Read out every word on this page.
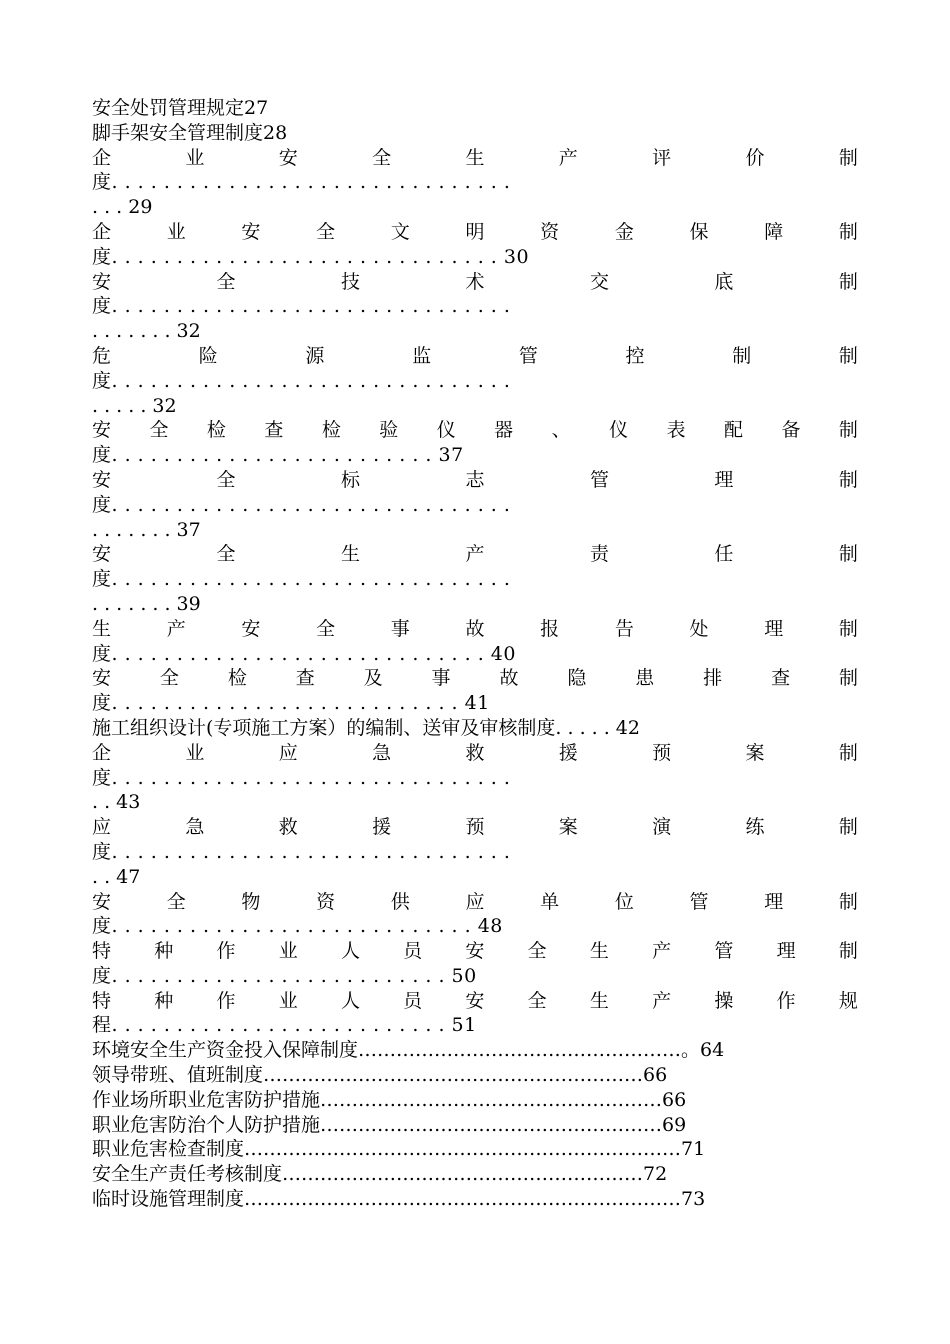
安全处罚管理规定27
脚手架安全管理制度28
企	业	安	全	生	产	评	价	制
度. . . . . . . . . . . . . . . . . . . . . . . . . . . . . . .
. . . 29
企	业	安	全	文	明	资	金	保	障	制
度. . . . . . . . . . . . . . . . . . . . . . . . . . . . . . 30
安	全	技	术	交	底	制
度. . . . . . . . . . . . . . . . . . . . . . . . . . . . . . .
. . . . . . . 32
危	险	源	监	管	控	制	制
度. . . . . . . . . . . . . . . . . . . . . . . . . . . . . . .
. . . . . 32
安 全 检 查 检 验 仪 器 、 仪 表 配 备 制
度. . . . . . . . . . . . . . . . . . . . . . . . . 37
安	全	标	志	管	理	制
度. . . . . . . . . . . . . . . . . . . . . . . . . . . . . . .
. . . . . . . 37
安	全	生	产	责	任	制
度. . . . . . . . . . . . . . . . . . . . . . . . . . . . . . .
. . . . . . . 39
生	产	安	全	事	故	报	告	处	理	制
度. . . . . . . . . . . . . . . . . . . . . . . . . . . . . 40
安	全	检	查	及	事	故	隐	患	排	查	制
度. . . . . . . . . . . . . . . . . . . . . . . . . . . 41
施工组织设计(专项施工方案）的编制、送审及审核制度. . . . . 42
企	业	应	急	救	援	预	案	制
度. . . . . . . . . . . . . . . . . . . . . . . . . . . . . . .
. . 43
应	急	救	援	预	案	演	练	制
度. . . . . . . . . . . . . . . . . . . . . . . . . . . . . . .
. . 47
安	全	物	资	供	应	单	位	管	理	制
度. . . . . . . . . . . . . . . . . . . . . . . . . . . . 48
特 种 作 业 人 员 安 全 生 产 管 理 制
度. . . . . . . . . . . . . . . . . . . . . . . . . . 50
特 种 作 业 人 员 安 全 生 产 操 作 规
程. . . . . . . . . . . . . . . . . . . . . . . . . . 51
环境安全生产资金投入保障制度……………………………………………。64
领导带班、值班制度……………………………………………………66
作业场所职业危害防护措施………………………………………………66
职业危害防治个人防护措施………………………………………………69
职业危害检查制度……………………………………………………………71
安全生产责任考核制度…………………………………………………72
临时设施管理制度……………………………………………………………73
